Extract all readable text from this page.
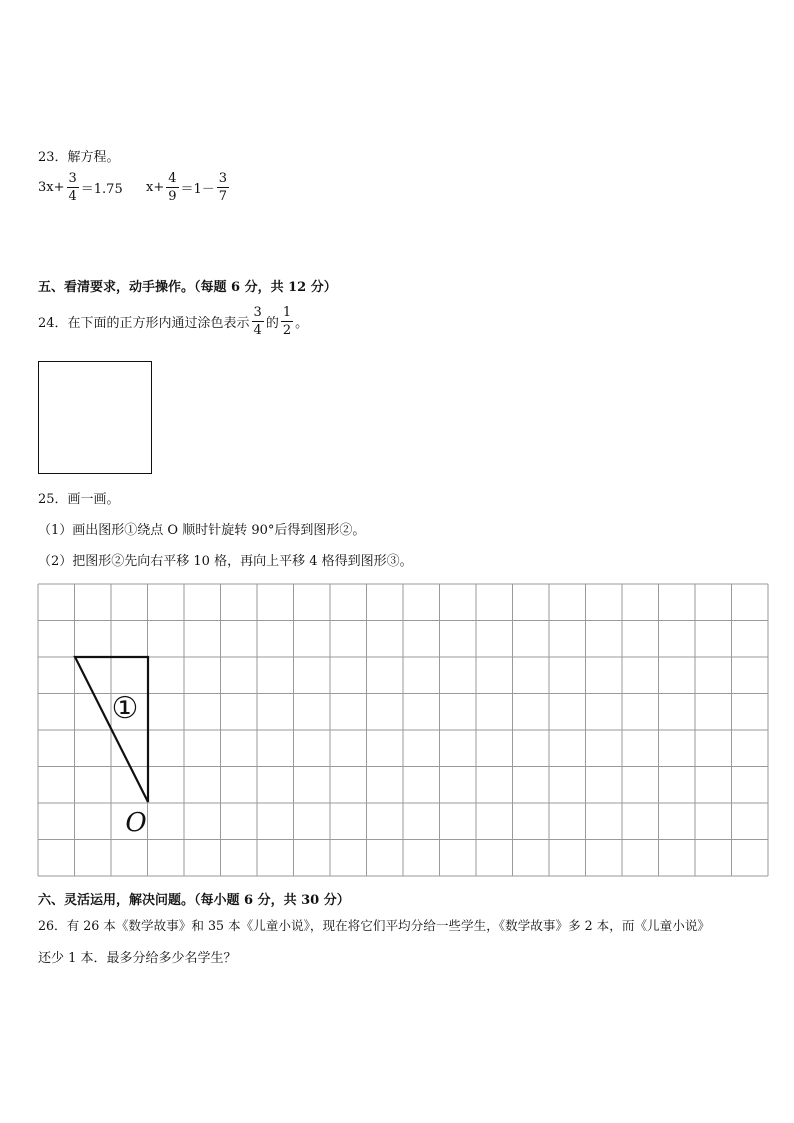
23．解方程。
$3x+ \frac{3}{4} =1.75$ $x+ \frac{4}{9} =1- \frac{3}{7}$
五、看清要求，动手操作。（每题 6 分，共 12 分）
24．在下面的正方形内通过涂色表示 $\frac{3}{4}$ 的 $\frac{1}{2}$ 。
25．画一画。
（1）画出图形①绕点 O 顺时针旋转 90°后得到图形②。
（2）把图形②先向右平移 10 格，再向上平移 4 格得到图形③。
①
O
六、灵活运用，解决问题。（每小题 6 分，共 30 分）
26．有 26 本《数学故事》和 35 本《儿童小说》，现在将它们平均分给一些学生，《数学故事》多 2 本，而《儿童小说》
还少 1 本．最多分给多少名学生？
